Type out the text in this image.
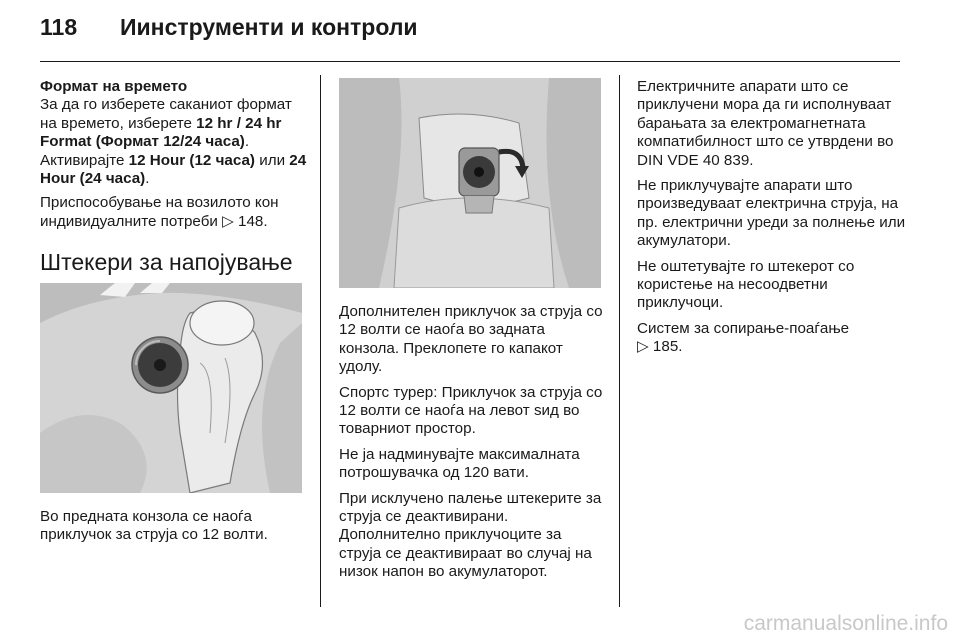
118 Иинструменти и контроли

Формат на времето
За да го изберете саканиот формат на времето, изберете 12 hr / 24 hr Format (Формат 12/24 часа).
Активирајте 12 Hour (12 часа) или 24 Hour (24 часа).

Приспособување на возилото кон индивидуалните потреби ▷ 148.

Штекери за напојување

Во предната конзола се наоѓа приклучок за струја со 12 волти.

Дополнителен приклучок за струја со 12 волти се наоѓа во задната конзола. Преклопете го капакот удолу.

Спортс турер: Приклучок за струја со 12 волти се наоѓа на левот ѕид во товарниот простор.

Не ја надминувајте максималната потрошувачка од 120 вати.

При исклучено палење штекерите за струја се деактивирани. Дополнително приклучоците за струја се деактивираат во случај на низок напон во акумулаторот.

Електричните апарати што се приклучени мора да ги исполнуваат барањата за електромагнетната компатибилност што се утврдени во DIN VDE 40 839.

Не приклучувајте апарати што произведуваат електрична струја, на пр. електрични уреди за полнење или акумулатори.

Не оштетувајте го штекерот со користење на несоодветни приклучоци.

Систем за сопирање-поаѓање
▷ 185.

carmanualsonline.info
